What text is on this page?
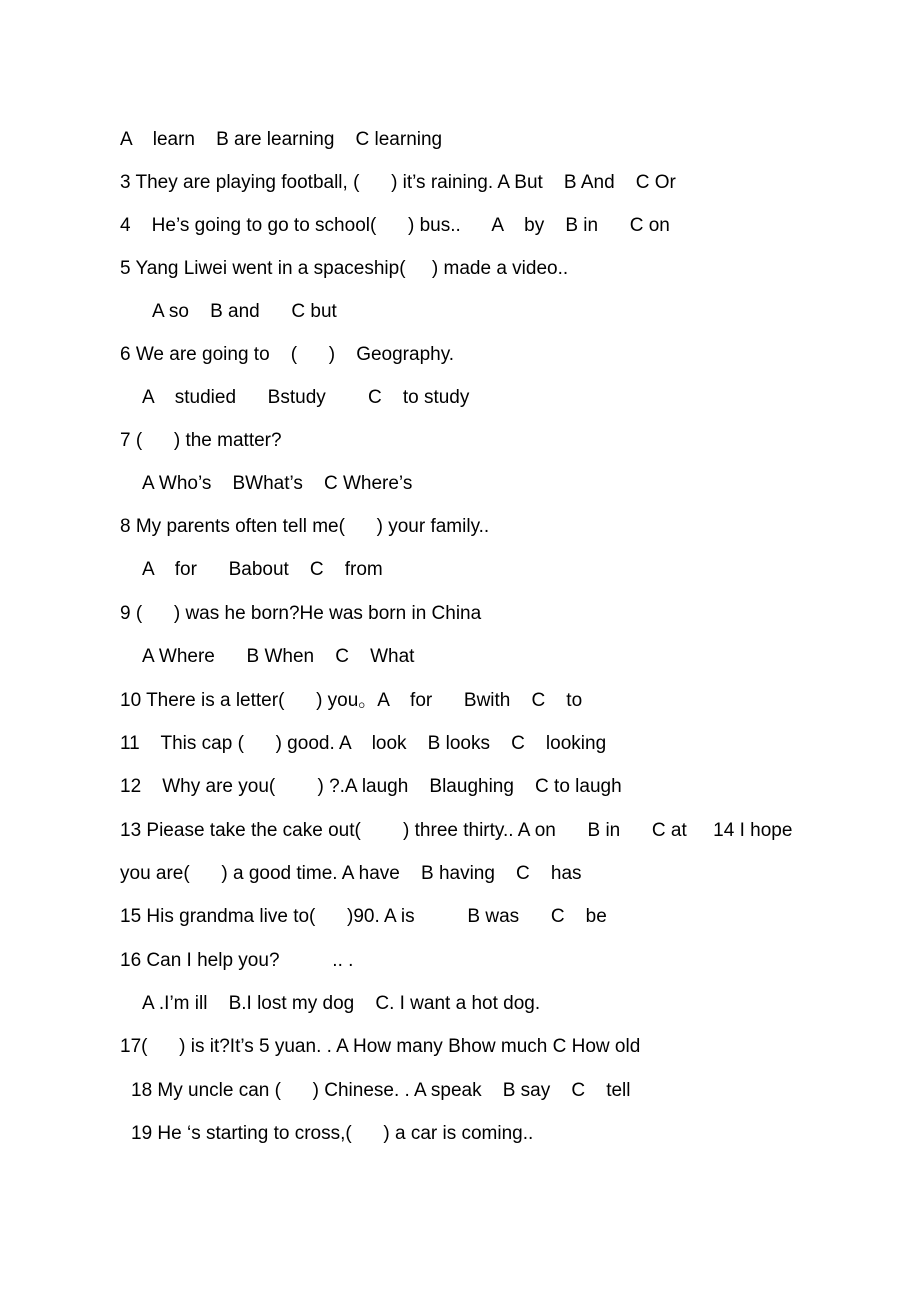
A    learn    B are learning    C learning
3 They are playing football, (      ) it’s raining. A But    B And    C Or
4    He’s going to go to school(      ) bus..      A    by    B in      C on
5 Yang Liwei went in a spaceship(     ) made a video..
A so    B and      C but
6 We are going to    (      )    Geography.
A    studied      Bstudy        C    to study
7 (      ) the matter?
A Who’s    BWhat’s    C Where’s
8 My parents often tell me(      ) your family..
A    for      Babout    C    from
9 (      ) was he born?He was born in China
A Where      B When    C    What
10 There is a letter(      ) you。A    for      Bwith    C    to
11    This cap (      ) good. A    look    B looks    C    looking
12    Why are you(        ) ?.A laugh    Blaughing    C to laugh
13 Piease take the cake out(        ) three thirty.. A on      B in      C at     14 I hope
you are(      ) a good time. A have    B having    C    has
15 His grandma live to(      )90. A is          B was      C    be
16 Can I help you?          .. .
A .I’m ill    B.I lost my dog    C. I want a hot dog.
17(      ) is it?It’s 5 yuan. . A How many Bhow much C How old
18 My uncle can (      ) Chinese. . A speak    B say    C    tell
19 He ‘s starting to cross,(      ) a car is coming..
